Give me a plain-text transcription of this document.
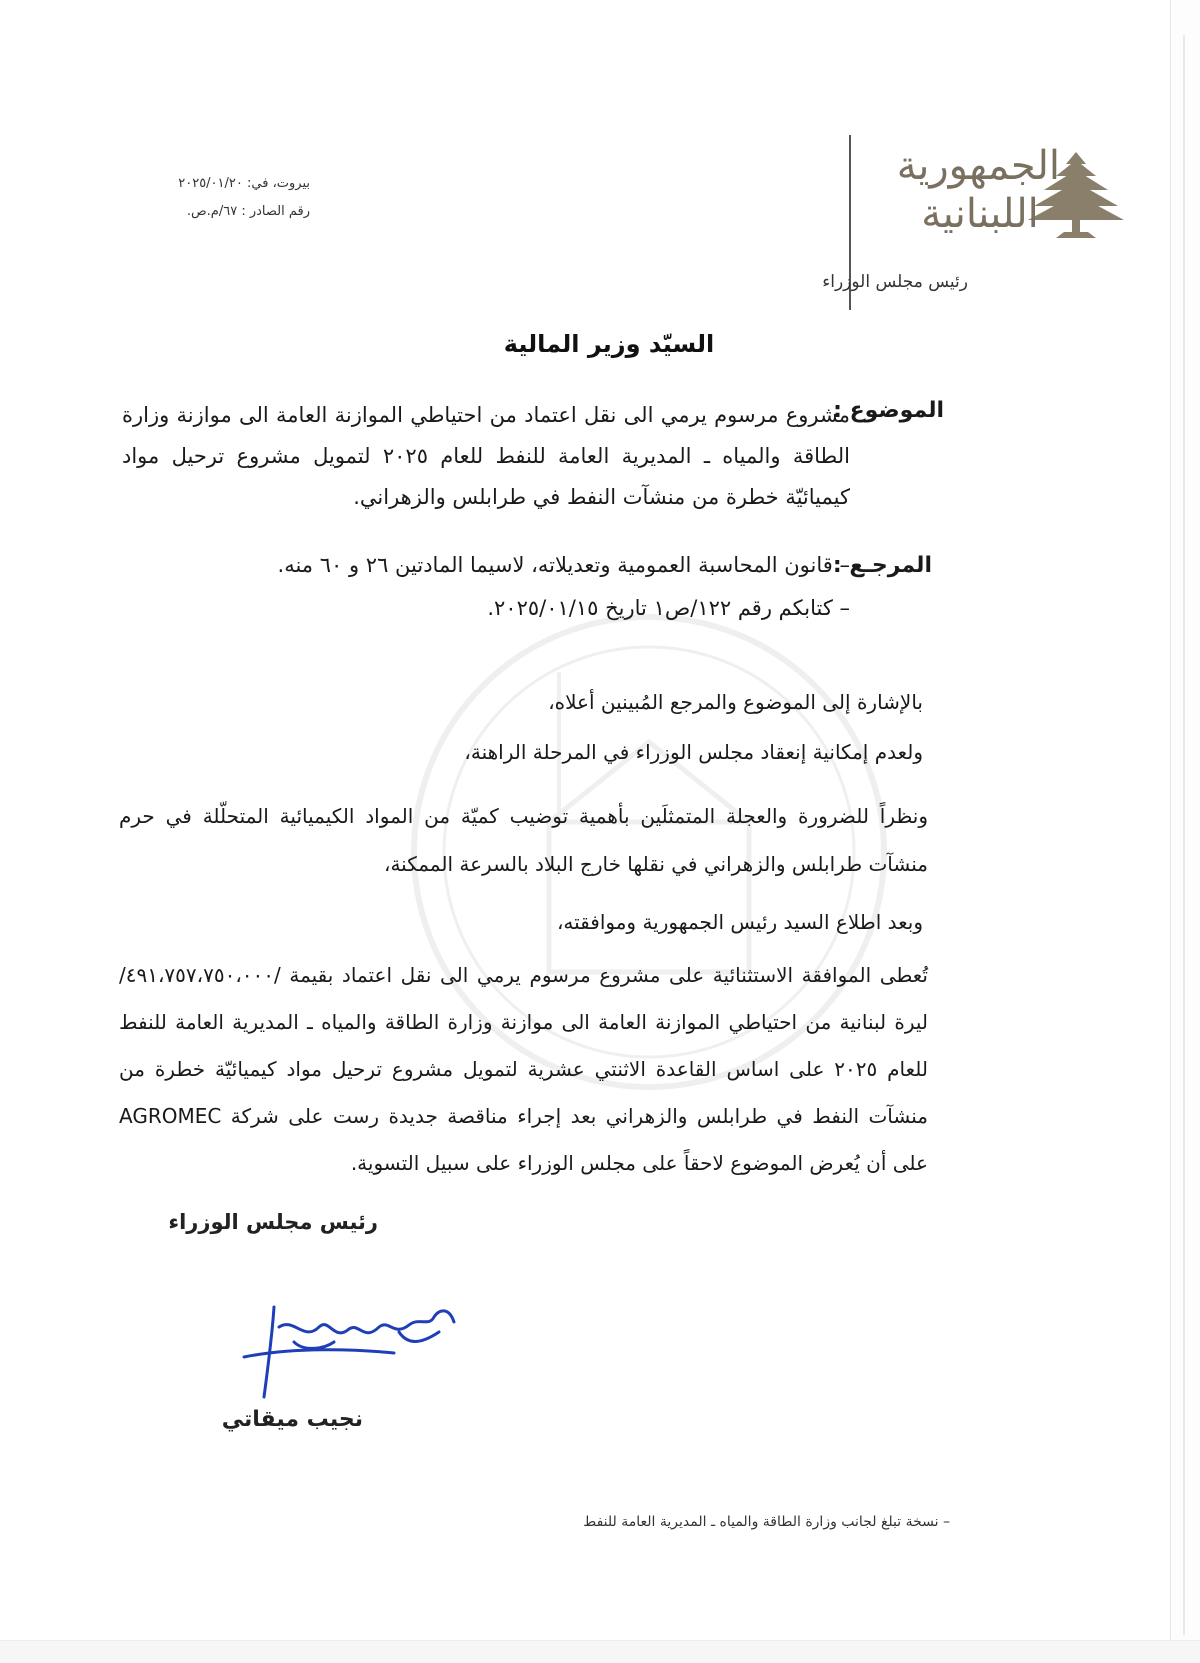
الجمهورية اللبنانية
رئيس مجلس الوزراء
بيروت، في: ٢٠٢٥/٠١/٢٠
رقم الصادر : ٦٧/م.ص.
السيّد وزير المالية
الموضوع :
مشروع مرسوم يرمي الى نقل اعتماد من احتياطي الموازنة العامة الى موازنة وزارة الطاقة والمياه ـ المديرية العامة للنفط للعام ٢٠٢٥ لتمويل مشروع ترحيل مواد كيميائيّة خطرة من منشآت النفط في طرابلس والزهراني.
المرجـع :
– قانون المحاسبة العمومية وتعديلاته، لاسيما المادتين ٢٦ و ٦٠ منه.
– كتابكم رقم ١٢٢/ص١ تاريخ ٢٠٢٥/٠١/١٥.
بالإشارة إلى الموضوع والمرجع المُبينين أعلاه،
ولعدم إمكانية إنعقاد مجلس الوزراء في المرحلة الراهنة،
ونظراً للضرورة والعجلة المتمثلَين بأهمية توضيب كميّة من المواد الكيميائية المتحلّلة في حرم منشآت طرابلس والزهراني في نقلها خارج البلاد بالسرعة الممكنة،
وبعد اطلاع السيد رئيس الجمهورية وموافقته،
تُعطى الموافقة الاستثنائية على مشروع مرسوم يرمي الى نقل اعتماد بقيمة /٤٩١،٧٥٧،٧٥٠،٠٠٠/ ليرة لبنانية من احتياطي الموازنة العامة الى موازنة وزارة الطاقة والمياه ـ المديرية العامة للنفط للعام ٢٠٢٥ على اساس القاعدة الاثنتي عشرية لتمويل مشروع ترحيل مواد كيميائيّة خطرة من منشآت النفط في طرابلس والزهراني بعد إجراء مناقصة جديدة رست على شركة AGROMEC على أن يُعرض الموضوع لاحقاً على مجلس الوزراء على سبيل التسوية.
رئيس مجلس الوزراء
نجيب ميقاتي
– نسخة تبلغ لجانب وزارة الطاقة والمياه ـ المديرية العامة للنفط
